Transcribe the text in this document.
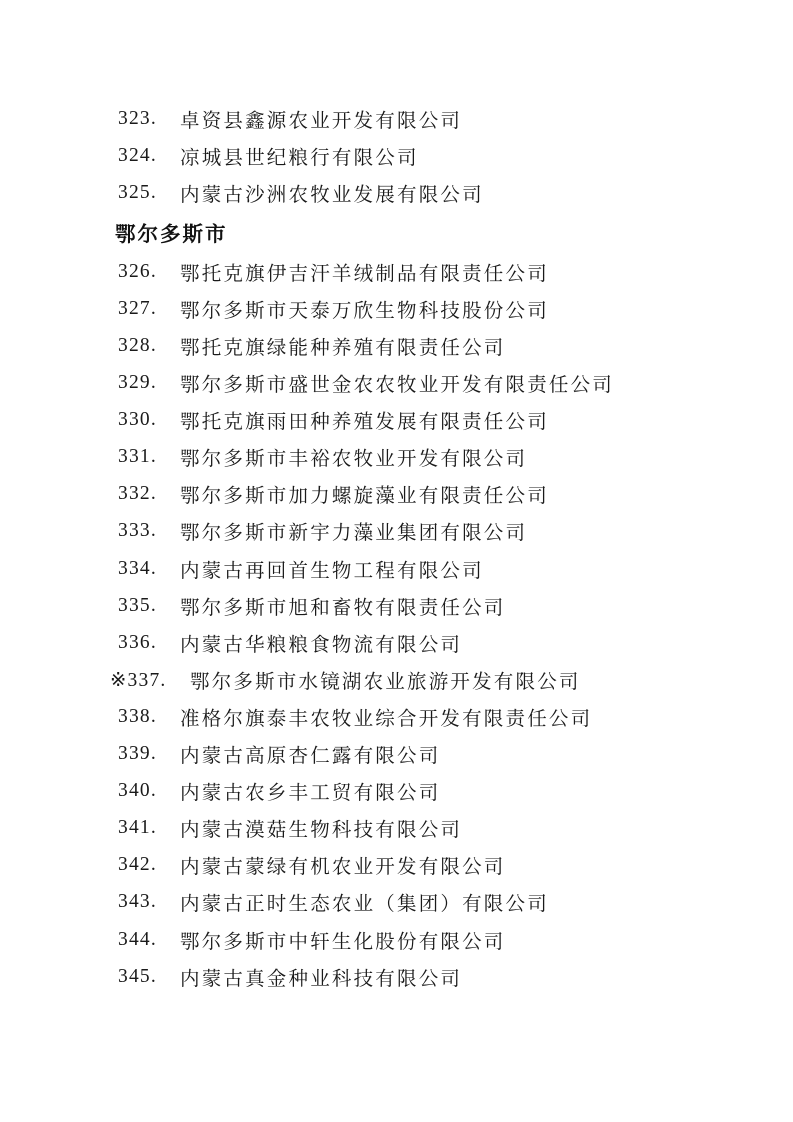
323.	卓资县鑫源农业开发有限公司
324.	凉城县世纪粮行有限公司
325.	内蒙古沙洲农牧业发展有限公司
鄂尔多斯市
326.	鄂托克旗伊吉汗羊绒制品有限责任公司
327.	鄂尔多斯市天泰万欣生物科技股份公司
328.	鄂托克旗绿能种养殖有限责任公司
329.	鄂尔多斯市盛世金农农牧业开发有限责任公司
330.	鄂托克旗雨田种养殖发展有限责任公司
331.	鄂尔多斯市丰裕农牧业开发有限公司
332.	鄂尔多斯市加力螺旋藻业有限责任公司
333.	鄂尔多斯市新宇力藻业集团有限公司
334.	内蒙古再回首生物工程有限公司
335.	鄂尔多斯市旭和畜牧有限责任公司
336.	内蒙古华粮粮食物流有限公司
※337.	鄂尔多斯市水镜湖农业旅游开发有限公司
338.	准格尔旗泰丰农牧业综合开发有限责任公司
339.	内蒙古高原杏仁露有限公司
340.	内蒙古农乡丰工贸有限公司
341.	内蒙古漠菇生物科技有限公司
342.	内蒙古蒙绿有机农业开发有限公司
343.	内蒙古正时生态农业（集团）有限公司
344.	鄂尔多斯市中轩生化股份有限公司
345.	内蒙古真金种业科技有限公司
